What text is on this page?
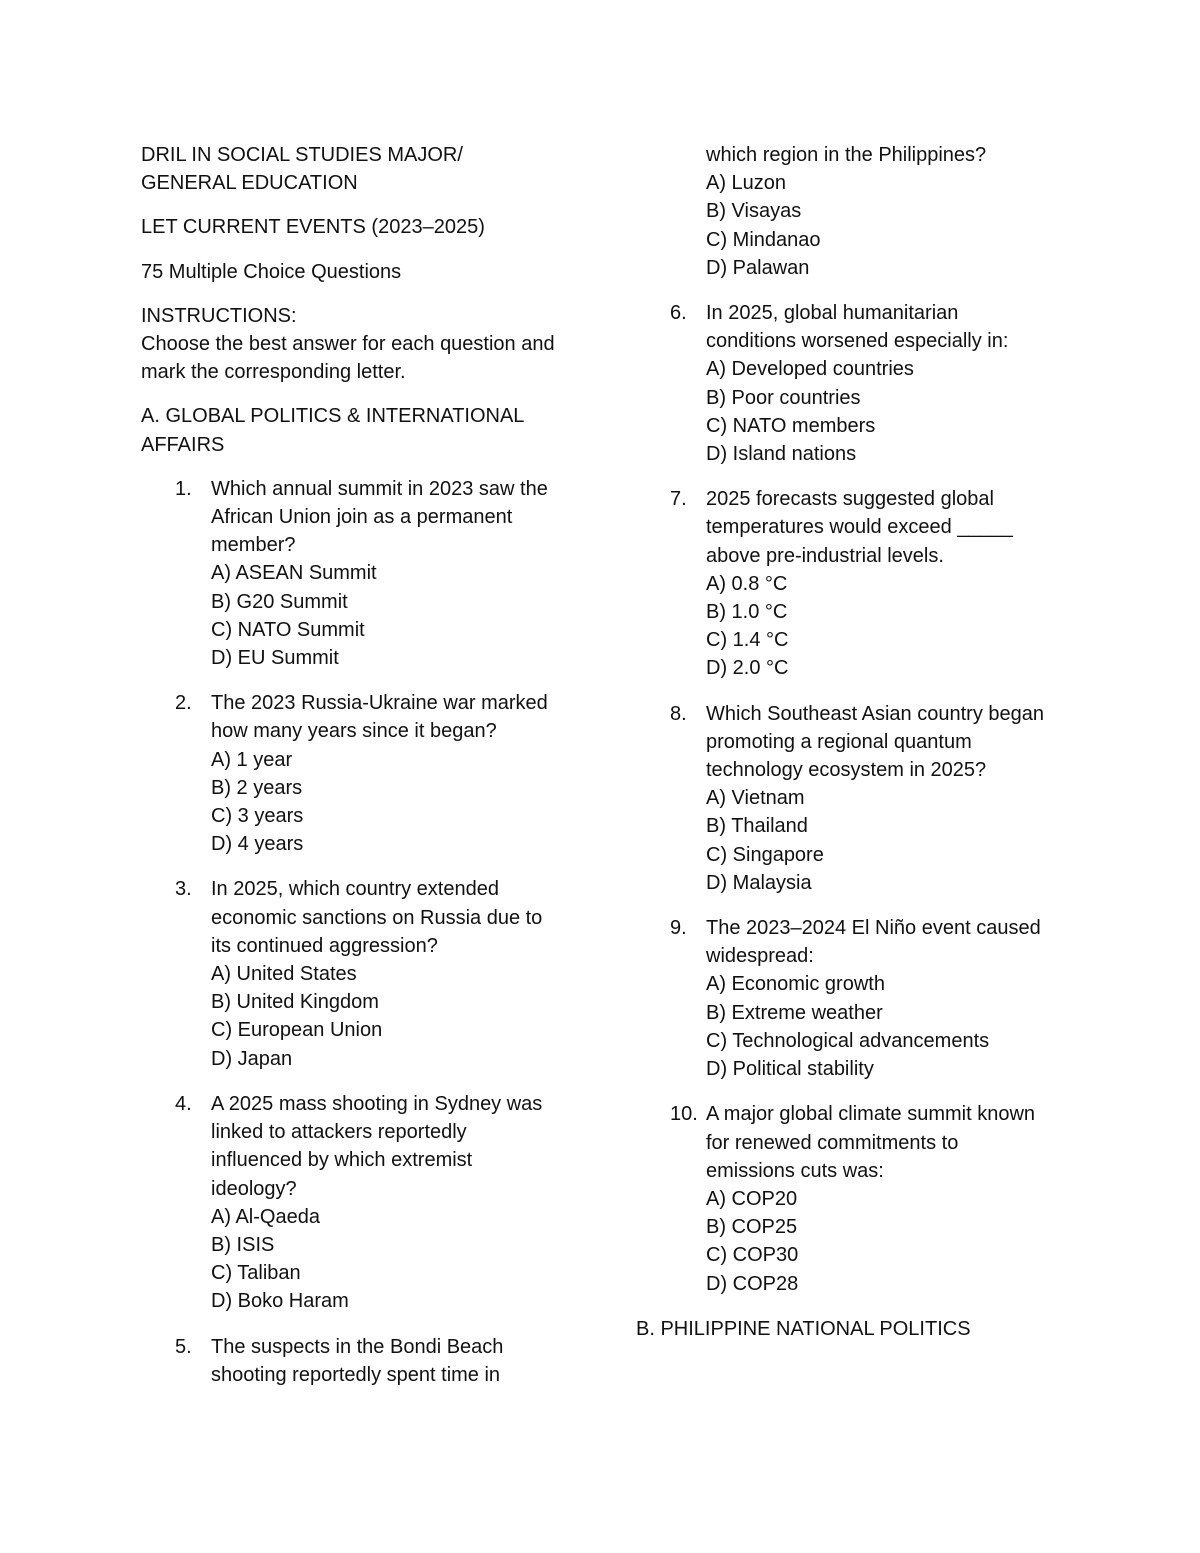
DRIL IN SOCIAL STUDIES MAJOR/
GENERAL EDUCATION
LET CURRENT EVENTS (2023–2025)
75 Multiple Choice Questions
INSTRUCTIONS:
Choose the best answer for each question and
mark the corresponding letter.
A. GLOBAL POLITICS & INTERNATIONAL
AFFAIRS
1. Which annual summit in 2023 saw the
African Union join as a permanent
member?
A) ASEAN Summit
B) G20 Summit
C) NATO Summit
D) EU Summit
2. The 2023 Russia-Ukraine war marked
how many years since it began?
A) 1 year
B) 2 years
C) 3 years
D) 4 years
3. In 2025, which country extended
economic sanctions on Russia due to
its continued aggression?
A) United States
B) United Kingdom
C) European Union
D) Japan
4. A 2025 mass shooting in Sydney was
linked to attackers reportedly
influenced by which extremist
ideology?
A) Al-Qaeda
B) ISIS
C) Taliban
D) Boko Haram
5. The suspects in the Bondi Beach
shooting reportedly spent time in
which region in the Philippines?
A) Luzon
B) Visayas
C) Mindanao
D) Palawan
6. In 2025, global humanitarian
conditions worsened especially in:
A) Developed countries
B) Poor countries
C) NATO members
D) Island nations
7. 2025 forecasts suggested global
temperatures would exceed _____
above pre-industrial levels.
A) 0.8 °C
B) 1.0 °C
C) 1.4 °C
D) 2.0 °C
8. Which Southeast Asian country began
promoting a regional quantum
technology ecosystem in 2025?
A) Vietnam
B) Thailand
C) Singapore
D) Malaysia
9. The 2023–2024 El Niño event caused
widespread:
A) Economic growth
B) Extreme weather
C) Technological advancements
D) Political stability
10. A major global climate summit known
for renewed commitments to
emissions cuts was:
A) COP20
B) COP25
C) COP30
D) COP28
B. PHILIPPINE NATIONAL POLITICS
